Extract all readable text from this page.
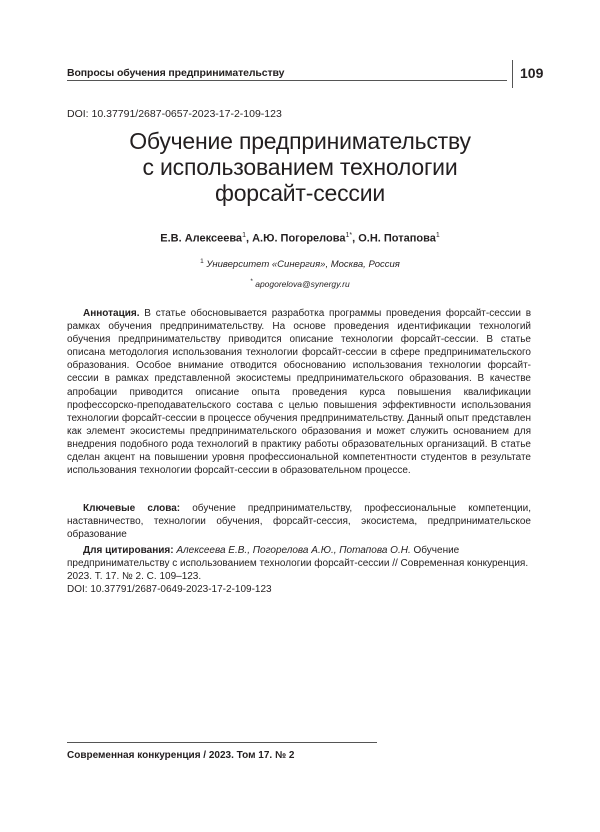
Вопросы обучения предпринимательству	109
DOI: 10.37791/2687-0657-2023-17-2-109-123
Обучение предпринимательству
с использованием технологии
форсайт-сессии
Е.В. Алексеева$^1$, А.Ю. Погорелова$^{1*}$, О.Н. Потапова$^1$
$^1$ Университет «Синергия», Москва, Россия
* apogorelova@synergy.ru

Аннотация. В статье обосновывается разработка программы проведения форсайт-сессии в рамках обучения предпринимательству. На основе проведения идентификации технологий обучения предпринимательству приводится описание технологии форсайт-сессии. В статье описана методология использования технологии форсайт-сессии в сфере предпринимательского образования. Особое внимание отводится обоснованию использования технологии форсайт-сессии в рамках представленной экосистемы предпринимательского образования. В качестве апробации приводится описание опыта проведения курса повышения квалификации профессорско-преподавательского состава с целью повышения эффективности использования технологии форсайт-сессии в процессе обучения предпринимательству. Данный опыт представлен как элемент экосистемы предпринимательского образования и может служить основанием для внедрения подобного рода технологий в практику работы образовательных организаций. В статье сделан акцент на повышении уровня профессиональной компетентности студентов в результате использования технологии форсайт-сессии в образовательном процессе.

Ключевые слова: обучение предпринимательству, профессиональные компетенции, наставничество, технологии обучения, форсайт-сессия, экосистема, предпринимательское образование

Для цитирования: Алексеева Е.В., Погорелова А.Ю., Потапова О.Н. Обучение предпринимательству с использованием технологии форсайт-сессии // Современная конкуренция. 2023. Т. 17. № 2. С. 109–123.
DOI: 10.37791/2687-0649-2023-17-2-109-123

Современная конкуренция / 2023. Том 17. № 2
